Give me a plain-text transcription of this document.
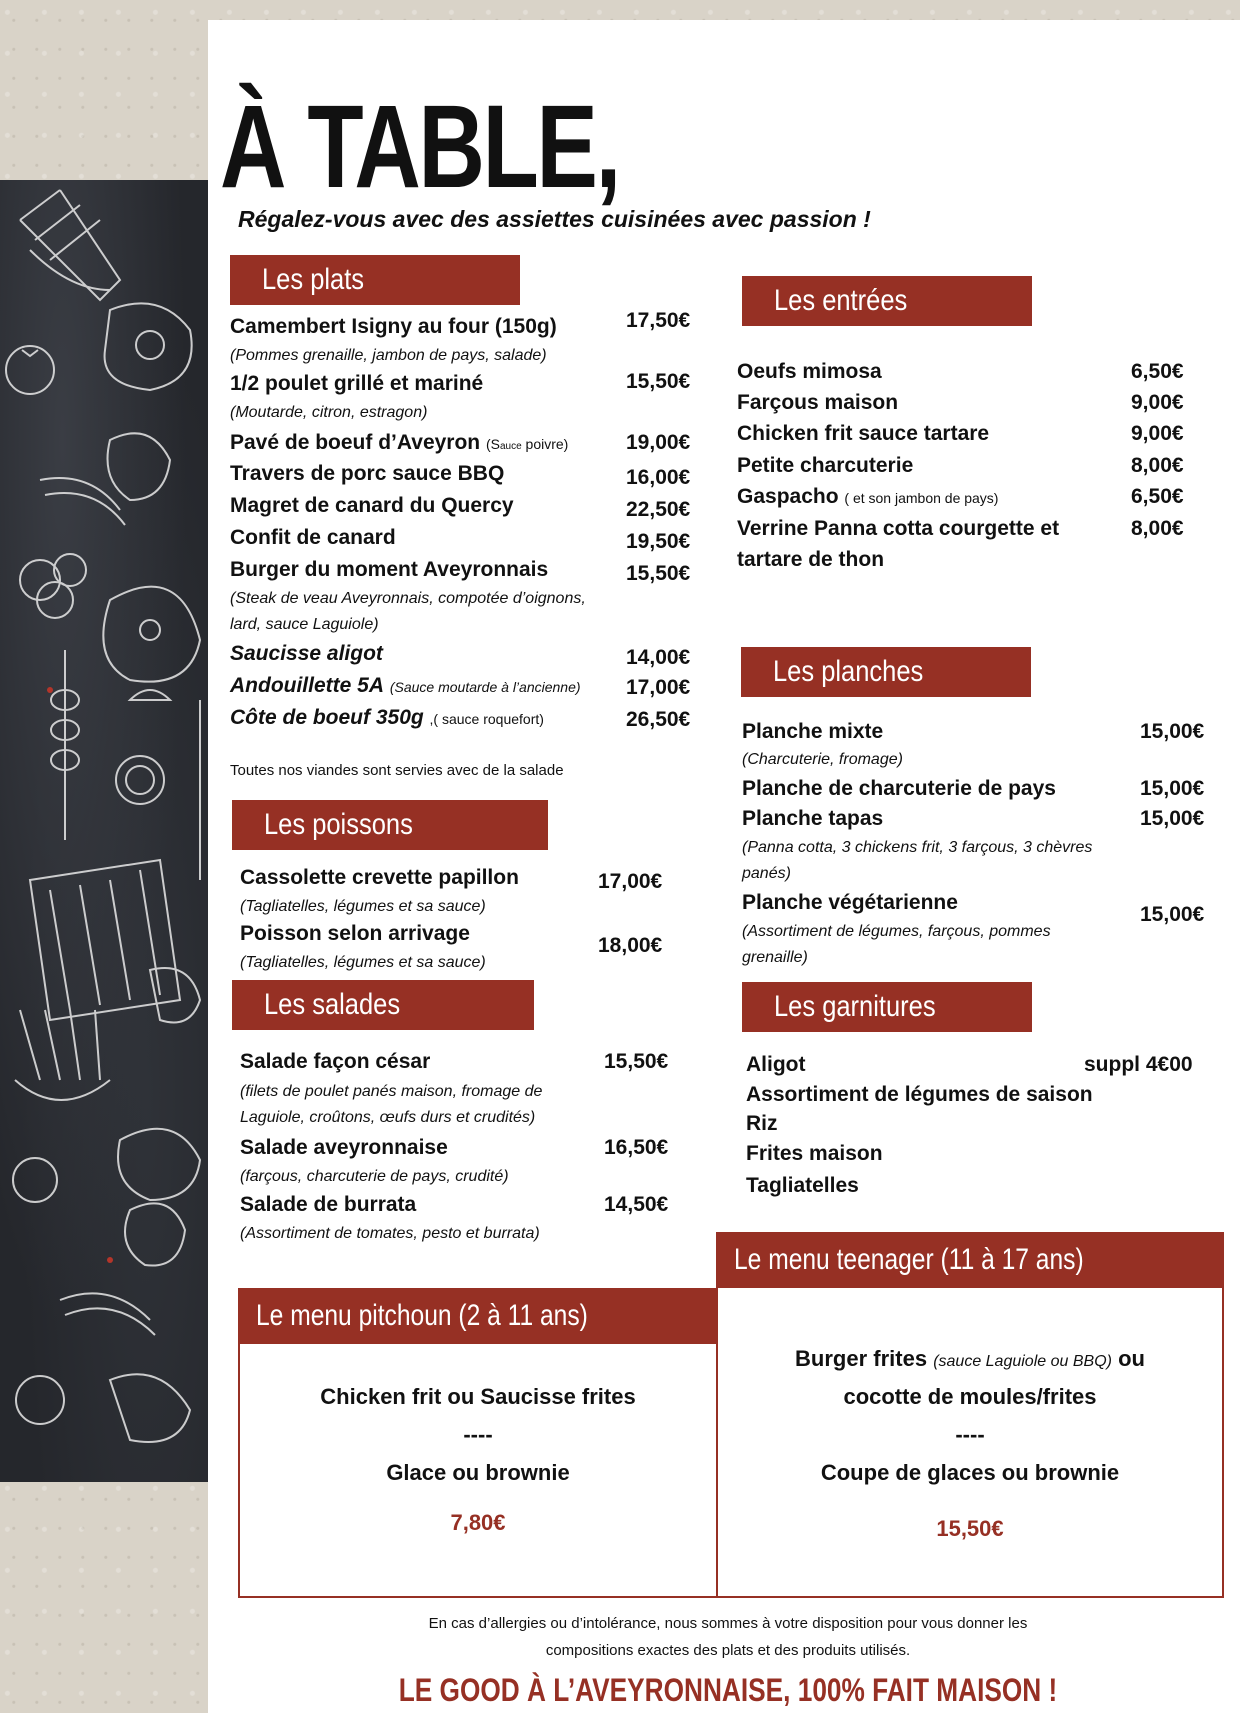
À TABLE,
Régalez-vous avec des assiettes cuisinées avec passion !
Les plats
Camembert Isigny au four (150g)	17,50€
(Pommes grenaille, jambon de pays, salade)
1/2 poulet grillé et mariné	15,50€
(Moutarde, citron, estragon)
Pavé de boeuf d’Aveyron (Sauce poivre)	19,00€
Travers de porc sauce BBQ	16,00€
Magret de canard du Quercy	22,50€
Confit de canard	19,50€
Burger du moment Aveyronnais	15,50€
(Steak de veau Aveyronnais, compotée d’oignons,
lard, sauce Laguiole)
Saucisse aligot	14,00€
Andouillette 5A (Sauce moutarde à l’ancienne) 17,00€
Côte de boeuf 350g ,( sauce roquefort)	26,50€
Toutes nos viandes sont servies avec de la salade
Les poissons
Cassolette crevette papillon	17,00€
(Tagliatelles, légumes et sa sauce)
Poisson selon arrivage
18,00€
(Tagliatelles, légumes et sa sauce)
Les salades
Salade façon césar	15,50€
(filets de poulet panés maison, fromage de
Laguiole, croûtons, œufs durs et crudités)
Salade aveyronnaise	16,50€
(farçous, charcuterie de pays, crudité)
Salade de burrata	14,50€
(Assortiment de tomates, pesto et burrata)
Les entrées
Oeufs mimosa	6,50€
Farçous maison	9,00€
Chicken frit sauce tartare	9,00€
Petite charcuterie	8,00€
Gaspacho ( et son jambon de pays)	6,50€
Verrine Panna cotta courgette et	8,00€
tartare de thon
Les planches
Planche mixte	15,00€
(Charcuterie, fromage)
Planche de charcuterie de pays	15,00€
Planche tapas	15,00€
(Panna cotta, 3 chickens frit, 3 farçous, 3 chèvres
panés)
Planche végétarienne
15,00€
(Assortiment de légumes, farçous, pommes
grenaille)
Les garnitures
Aligot	suppl 4€00
Assortiment de légumes de saison
Riz
Frites maison
Tagliatelles
Le menu pitchoun (2 à 11 ans)
Chicken frit ou Saucisse frites
----
Glace ou brownie
7,80€
Le menu teenager (11 à 17 ans)
Burger frites (sauce Laguiole ou BBQ) ou
cocotte de moules/frites
----
Coupe de glaces ou brownie
15,50€
En cas d’allergies ou d’intolérance, nous sommes à votre disposition pour vous donner les
compositions exactes des plats et des produits utilisés.
LE GOOD À L’AVEYRONNAISE, 100% FAIT MAISON !
